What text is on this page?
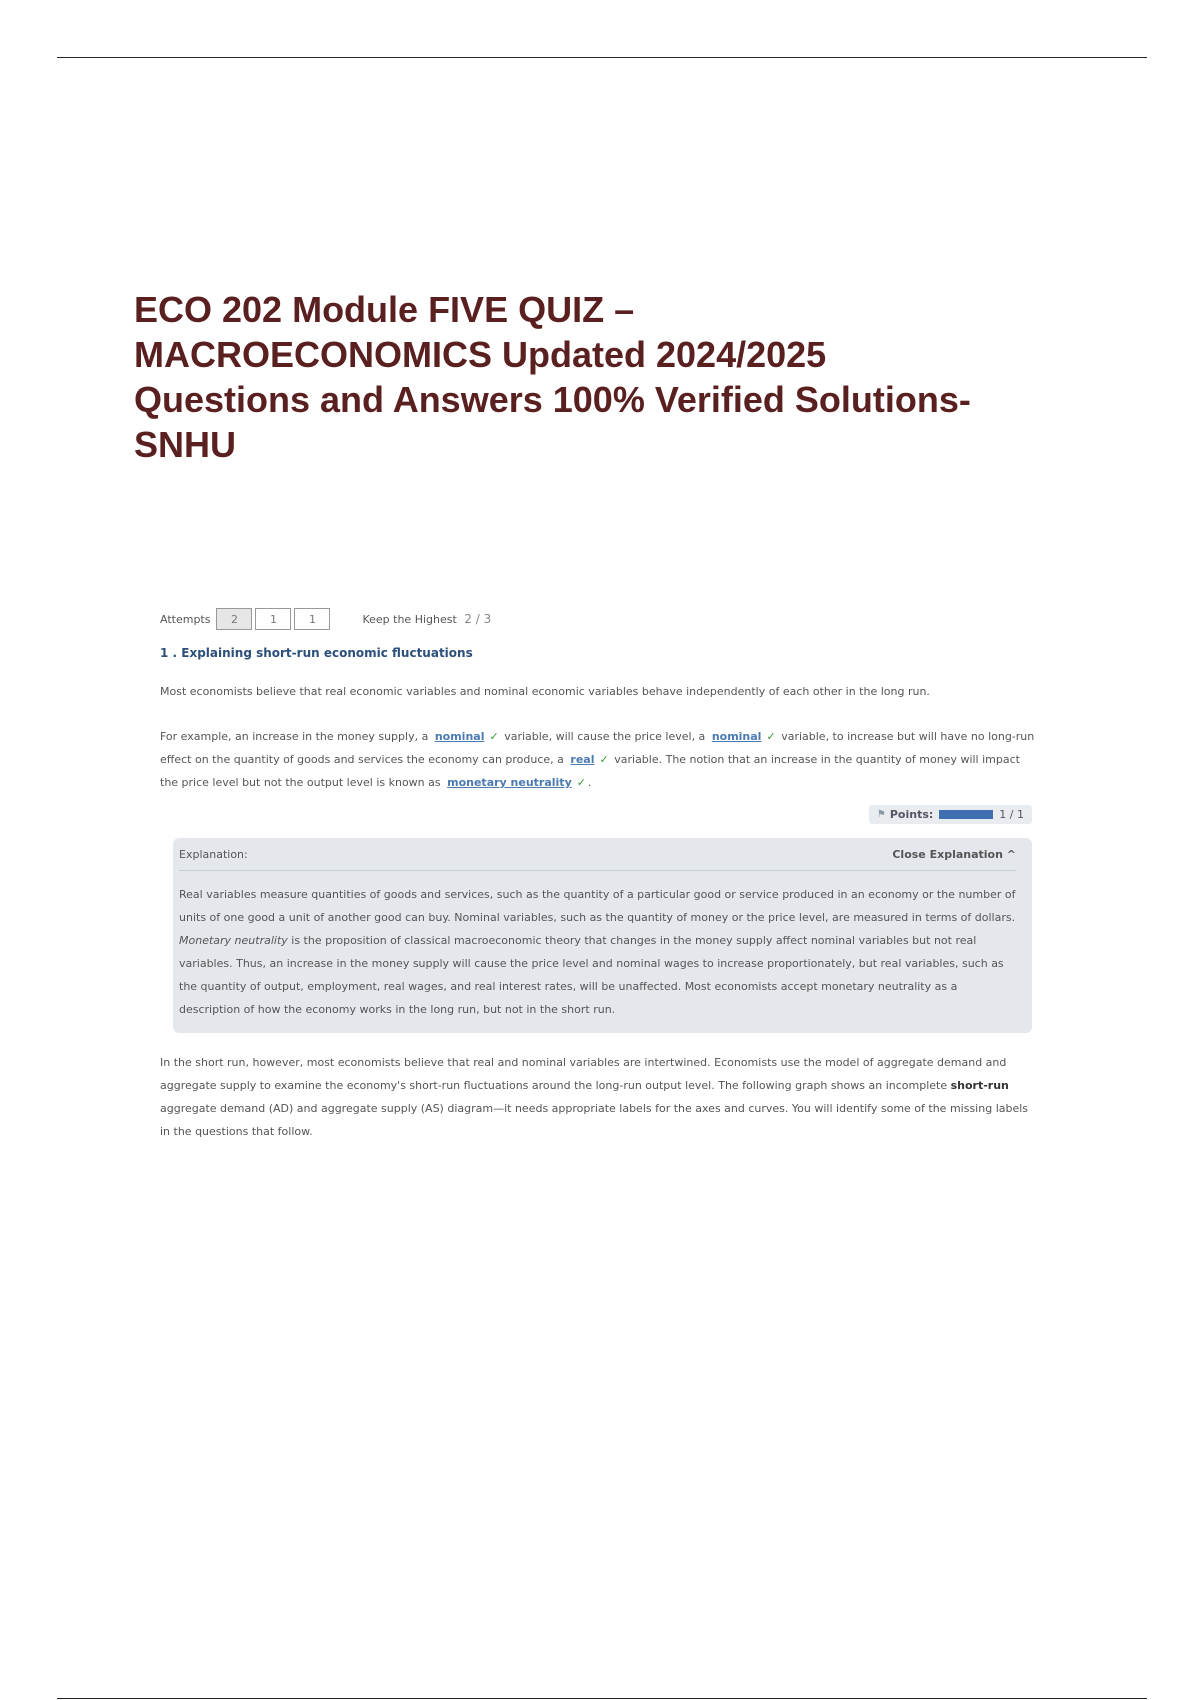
ECO 202 Module FIVE QUIZ –
MACROECONOMICS Updated 2024/2025
Questions and Answers 100% Verified Solutions-
SNHU
Attempts	2	1	1	Keep the Highest 2 / 3
1 . Explaining short-run economic fluctuations

Most economists believe that real economic variables and nominal economic variables behave independently of each other in the long run.

For example, an increase in the money supply, a nominal ✓ variable, will cause the price level, a nominal ✓ variable, to increase but will have no long-run effect on the quantity of goods and services the economy can produce, a real ✓ variable. The notion that an increase in the quantity of money will impact the price level but not the output level is known as monetary neutrality ✓ .

⚑ Points:	1 / 1
Explanation:	Close Explanation ^
Real variables measure quantities of goods and services, such as the quantity of a particular good or service produced in an economy or the number of units of one good a unit of another good can buy. Nominal variables, such as the quantity of money or the price level, are measured in terms of dollars. Monetary neutrality is the proposition of classical macroeconomic theory that changes in the money supply affect nominal variables but not real variables. Thus, an increase in the money supply will cause the price level and nominal wages to increase proportionately, but real variables, such as the quantity of output, employment, real wages, and real interest rates, will be unaffected. Most economists accept monetary neutrality as a description of how the economy works in the long run, but not in the short run.

In the short run, however, most economists believe that real and nominal variables are intertwined. Economists use the model of aggregate demand and aggregate supply to examine the economy's short-run fluctuations around the long-run output level. The following graph shows an incomplete short-run aggregate demand (AD) and aggregate supply (AS) diagram—it needs appropriate labels for the axes and curves. You will identify some of the missing labels in the questions that follow.
